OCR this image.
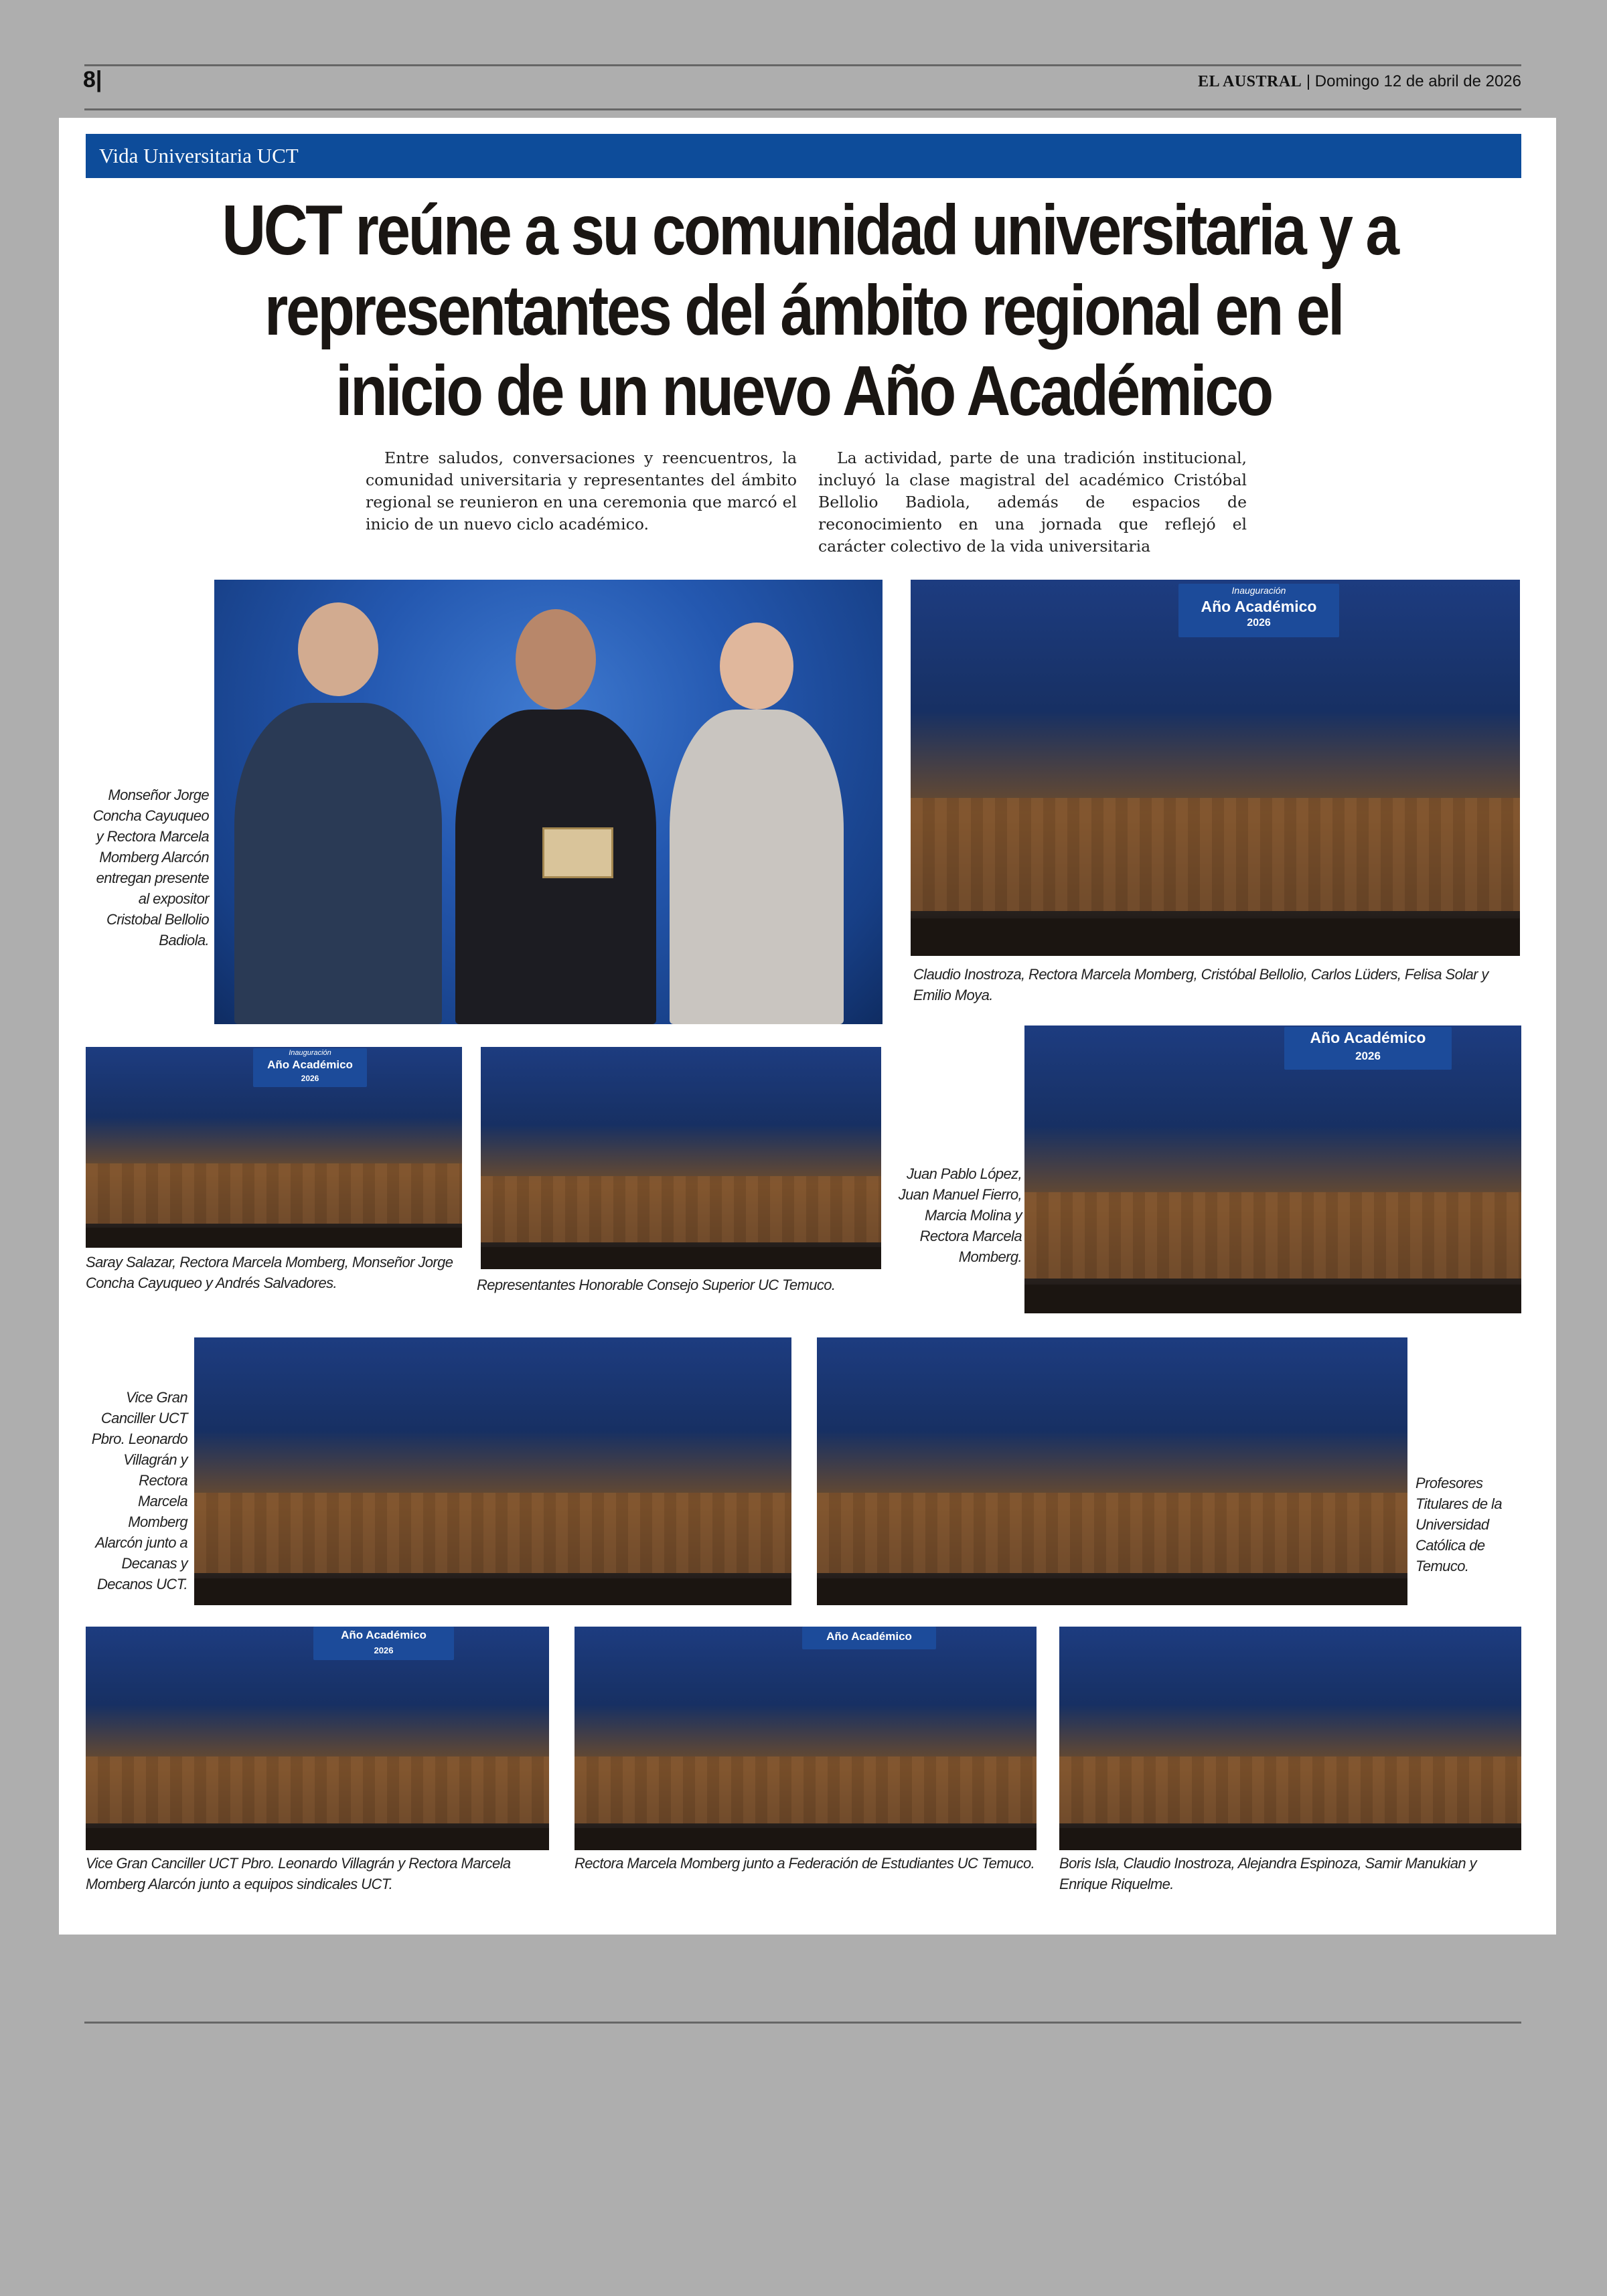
8|	EL AUSTRAL | Domingo 12 de abril de 2026
Vida Universitaria UCT
UCT reúne a su comunidad universitaria y a
representantes del ámbito regional en el
inicio de un nuevo Año Académico
Entre saludos, conversaciones y reencuentros, la comunidad universitaria y representantes del ámbito regional se reunieron en una ceremonia que marcó el inicio de un nuevo ciclo académico.
La actividad, parte de una tradición institucional, incluyó la clase magistral del académico Cristóbal Bellolio Badiola, además de espacios de reconocimiento en una jornada que reflejó el carácter colectivo de la vida universitaria
Monseñor Jorge Concha Cayuqueo y Rectora Marcela Momberg Alarcón entregan presente al expositor Cristobal Bellolio Badiola.
Inauguración
Año Académico
2026
Claudio Inostroza, Rectora Marcela Momberg, Cristóbal Bellolio, Carlos Lüders, Felisa Solar y Emilio Moya.
Inauguración
Año Académico
2026
Saray Salazar, Rectora Marcela Momberg, Monseñor Jorge Concha Cayuqueo y Andrés Salvadores.	Representantes Honorable Consejo Superior UC Temuco.
Año Académico
2026
Juan Pablo López, Juan Manuel Fierro, Marcia Molina y Rectora Marcela Momberg.
Vice Gran Canciller UCT Pbro. Leonardo Villagrán y Rectora Marcela Momberg Alarcón junto a Decanas y Decanos UCT.
Profesores Titulares de la Universidad Católica de Temuco.
Año Académico
2026
Vice Gran Canciller UCT Pbro. Leonardo Villagrán y Rectora Marcela Momberg Alarcón junto a equipos sindicales UCT.
Año Académico
Rectora Marcela Momberg junto a Federación de Estudiantes UC Temuco. Boris Isla, Claudio Inostroza, Alejandra Espinoza, Samir Manukian y Enrique Riquelme.
